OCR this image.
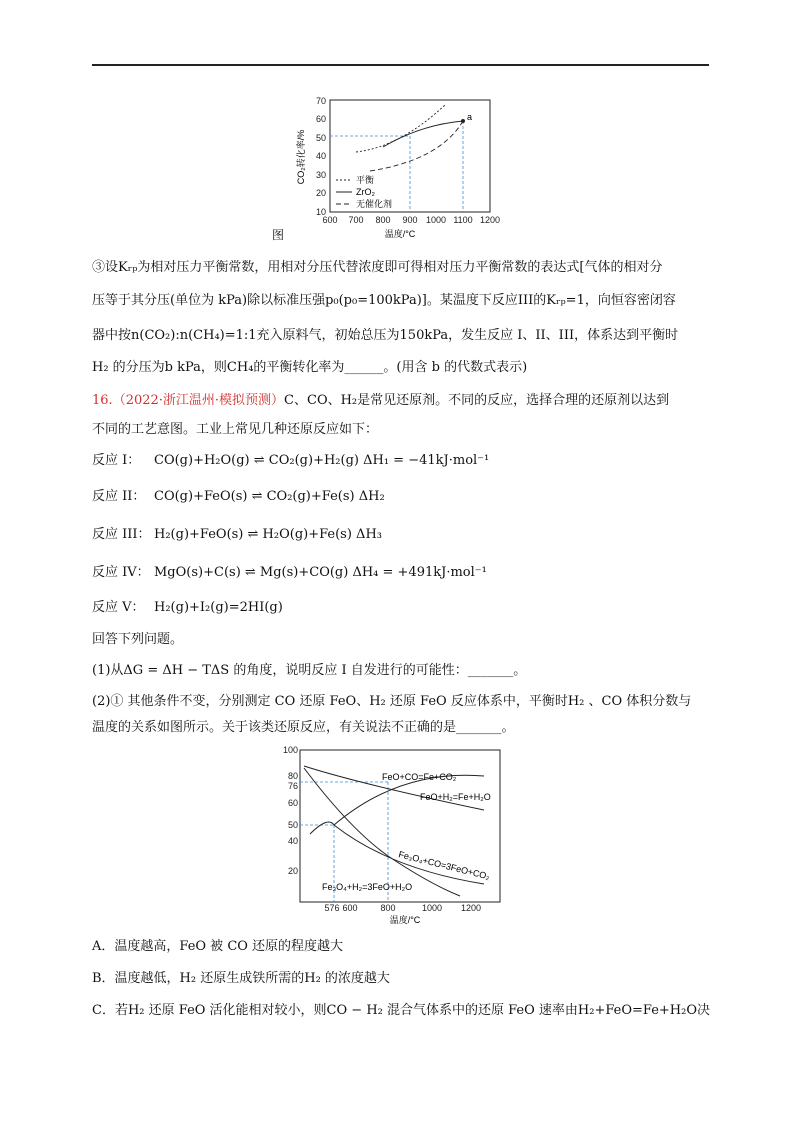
70
60
50
40
30
20
10
600 700 800 900 1000 1100 1200
温度/°C
CO₂转化率/%
a
平衡
ZrO₂
无催化剂
图
③设Kᵣₚ为相对压力平衡常数，用相对分压代替浓度即可得相对压力平衡常数的表达式[气体的相对分
压等于其分压(单位为 kPa)除以标准压强p₀(p₀=100kPa)]。某温度下反应III的Kᵣₚ=1，向恒容密闭容
器中按n(CO₂):n(CH₄)=1:1充入原料气，初始总压为150kPa，发生反应 I、II、III，体系达到平衡时
H₂ 的分压为b kPa，则CH₄的平衡转化率为______。(用含 b 的代数式表示)
16.（2022·浙江温州·模拟预测）C、CO、H₂是常见还原剂。不同的反应，选择合理的还原剂以达到
不同的工艺意图。工业上常见几种还原反应如下：
反应 I： CO(g)+H₂O(g) ⇌ CO₂(g)+H₂(g) ΔH₁ = −41kJ·mol⁻¹
反应 II： CO(g)+FeO(s) ⇌ CO₂(g)+Fe(s) ΔH₂
反应 III： H₂(g)+FeO(s) ⇌ H₂O(g)+Fe(s) ΔH₃
反应 IV： MgO(s)+C(s) ⇌ Mg(s)+CO(g) ΔH₄ = +491kJ·mol⁻¹
反应 V： H₂(g)+I₂(g)=2HI(g)
回答下列问题。
(1)从ΔG = ΔH − TΔS 的角度，说明反应 I 自发进行的可能性：_______。
(2)① 其他条件不变，分别测定 CO 还原 FeO、H₂ 还原 FeO 反应体系中，平衡时H₂ 、CO 体积分数与
温度的关系如图所示。关于该类还原反应，有关说法不正确的是_______。
100
80
76
60
50
40
20
576 600	800	1000 1200
温度/°C
FeO+CO=Fe+CO₂
FeO+H₂=Fe+H₂O
Fe₃O₄+CO=3FeO+CO₂
Fe₃O₄+H₂=3FeO+H₂O
A．温度越高，FeO 被 CO 还原的程度越大
B．温度越低，H₂ 还原生成铁所需的H₂ 的浓度越大
C．若H₂ 还原 FeO 活化能相对较小，则CO − H₂ 混合气体系中的还原 FeO 速率由H₂+FeO=Fe+H₂O决
